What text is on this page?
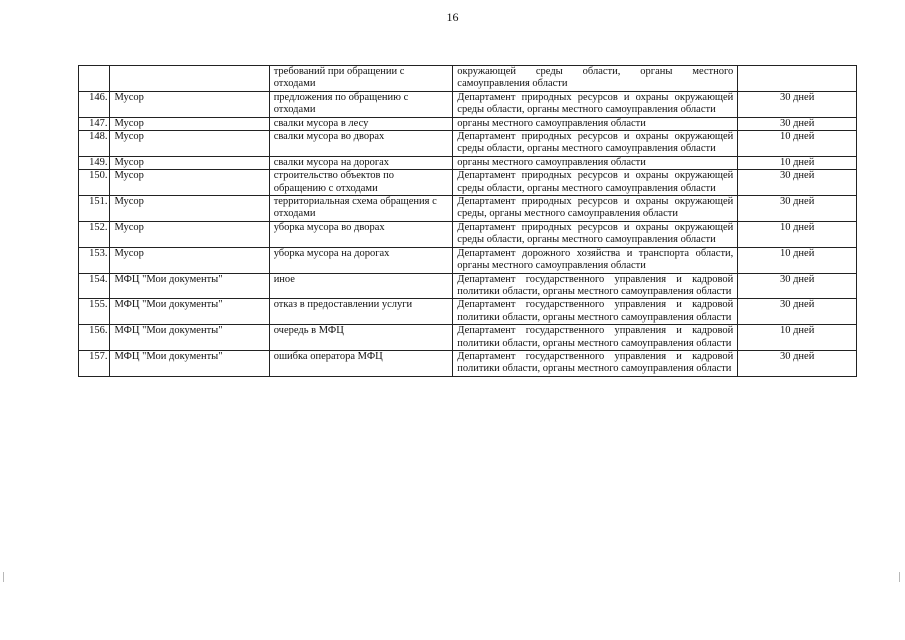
16
		требований при обращении с отходами	окружающей среды области, органы местного самоуправления области	
146.	Мусор	предложения по обращению с отходами	Департамент природных ресурсов и охраны окружающей среды области, органы местного самоуправления области	30 дней
147.	Мусор	свалки мусора в лесу	органы местного самоуправления области	30 дней
148.	Мусор	свалки мусора во дворах	Департамент природных ресурсов и охраны окружающей среды области, органы местного самоуправления области	10 дней
149.	Мусор	свалки мусора на дорогах	органы местного самоуправления области	10 дней
150.	Мусор	строительство объектов по обращению с отходами	Департамент природных ресурсов и охраны окружающей среды области, органы местного самоуправления области	30 дней
151.	Мусор	территориальная схема обращения с отходами	Департамент природных ресурсов и охраны окружающей среды, органы местного самоуправления области	30 дней
152.	Мусор	уборка мусора во дворах	Департамент природных ресурсов и охраны окружающей среды области, органы местного самоуправления области	10 дней
153.	Мусор	уборка мусора на дорогах	Департамент дорожного хозяйства и транспорта области, органы местного самоуправления области	10 дней
154.	МФЦ "Мои документы"	иное	Департамент государственного управления и кадровой политики области, органы местного самоуправления области	30 дней
155.	МФЦ "Мои документы"	отказ в предоставлении услуги	Департамент государственного управления и кадровой политики области, органы местного самоуправления области	30 дней
156.	МФЦ "Мои документы"	очередь в МФЦ	Департамент государственного управления и кадровой политики области, органы местного самоуправления области	10 дней
157.	МФЦ "Мои документы"	ошибка оператора МФЦ	Департамент государственного управления и кадровой политики области, органы местного самоуправления области	30 дней
